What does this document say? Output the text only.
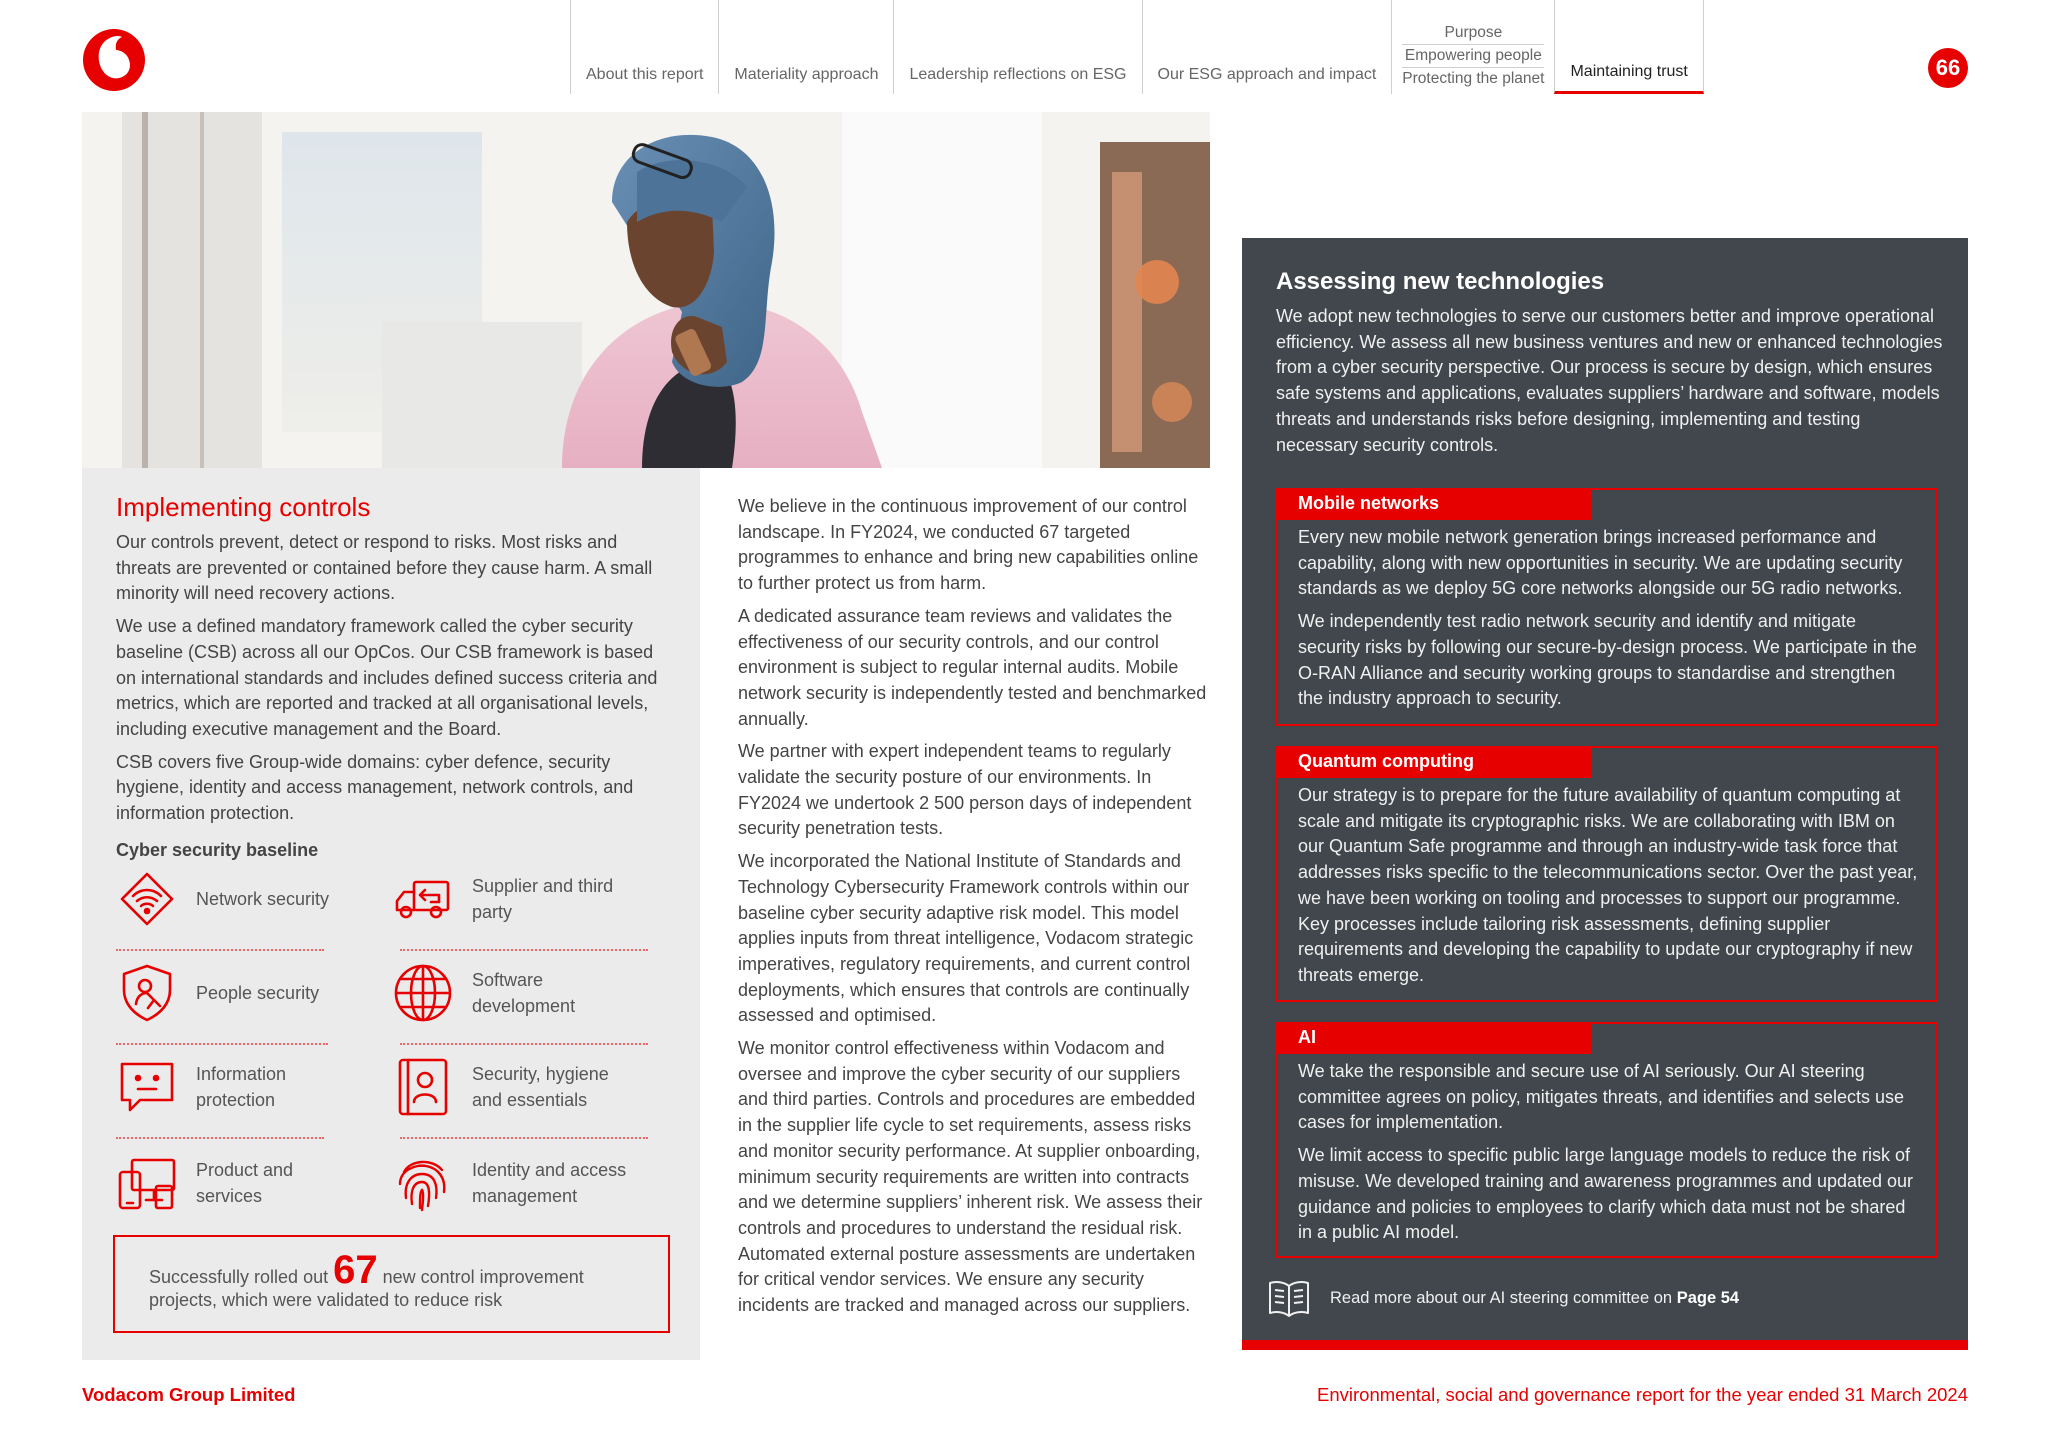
About this report Materiality approach Leadership reflections on ESG Our ESG approach and impact
Purpose
Empowering people
Protecting the planet Maintaining trust	66
Implementing controls

Our controls prevent, detect or respond to risks. Most risks and threats are prevented or contained before they cause harm. A small minority will need recovery actions.

We use a defined mandatory framework called the cyber security baseline (CSB) across all our OpCos. Our CSB framework is based on international standards and includes defined success criteria and metrics, which are reported and tracked at all organisational levels, including executive management and the Board.

CSB covers five Group-wide domains: cyber defence, security hygiene, identity and access management, network controls, and information protection.

Cyber security baseline
Network security
Supplier and third party
People security
Software development
Information protection
Security, hygiene and essentials
Product and services
Identity and access management
Successfully rolled out 67 new control improvement
projects, which were validated to reduce risk

We believe in the continuous improvement of our control landscape. In FY2024, we conducted 67 targeted programmes to enhance and bring new capabilities online to further protect us from harm.

A dedicated assurance team reviews and validates the effectiveness of our security controls, and our control environment is subject to regular internal audits. Mobile network security is independently tested and benchmarked annually.

We partner with expert independent teams to regularly validate the security posture of our environments. In FY2024 we undertook 2 500 person days of independent security penetration tests.

We incorporated the National Institute of Standards and Technology Cybersecurity Framework controls within our baseline cyber security adaptive risk model. This model applies inputs from threat intelligence, Vodacom strategic imperatives, regulatory requirements, and current control deployments, which ensures that controls are continually assessed and optimised.

We monitor control effectiveness within Vodacom and oversee and improve the cyber security of our suppliers and third parties. Controls and procedures are embedded in the supplier life cycle to set requirements, assess risks and monitor security performance. At supplier onboarding, minimum security requirements are written into contracts and we determine suppliers’ inherent risk. We assess their controls and procedures to understand the residual risk. Automated external posture assessments are undertaken for critical vendor services. We ensure any security incidents are tracked and managed across our suppliers.

Assessing new technologies

We adopt new technologies to serve our customers better and improve operational efficiency. We assess all new business ventures and new or enhanced technologies from a cyber security perspective. Our process is secure by design, which ensures safe systems and applications, evaluates suppliers’ hardware and software, models threats and understands risks before designing, implementing and testing necessary security controls.

Mobile networks

Every new mobile network generation brings increased performance and capability, along with new opportunities in security. We are updating security standards as we deploy 5G core networks alongside our 5G radio networks.

We independently test radio network security and identify and mitigate security risks by following our secure-by-design process. We participate in the O-RAN Alliance and security working groups to standardise and strengthen the industry approach to security.

Quantum computing

Our strategy is to prepare for the future availability of quantum computing at scale and mitigate its cryptographic risks. We are collaborating with IBM on our Quantum Safe programme and through an industry-wide task force that addresses risks specific to the telecommunications sector. Over the past year, we have been working on tooling and processes to support our programme. Key processes include tailoring risk assessments, defining supplier requirements and developing the capability to update our cryptography if new threats emerge.

AI

We take the responsible and secure use of AI seriously. Our AI steering committee agrees on policy, mitigates threats, and identifies and selects use cases for implementation.

We limit access to specific public large language models to reduce the risk of misuse. We developed training and awareness programmes and updated our guidance and policies to employees to clarify which data must not be shared in a public AI model.

Read more about our AI steering committee on
Page 54
Vodacom Group Limited	Environmental, social and governance report for the year ended 31 March 2024
